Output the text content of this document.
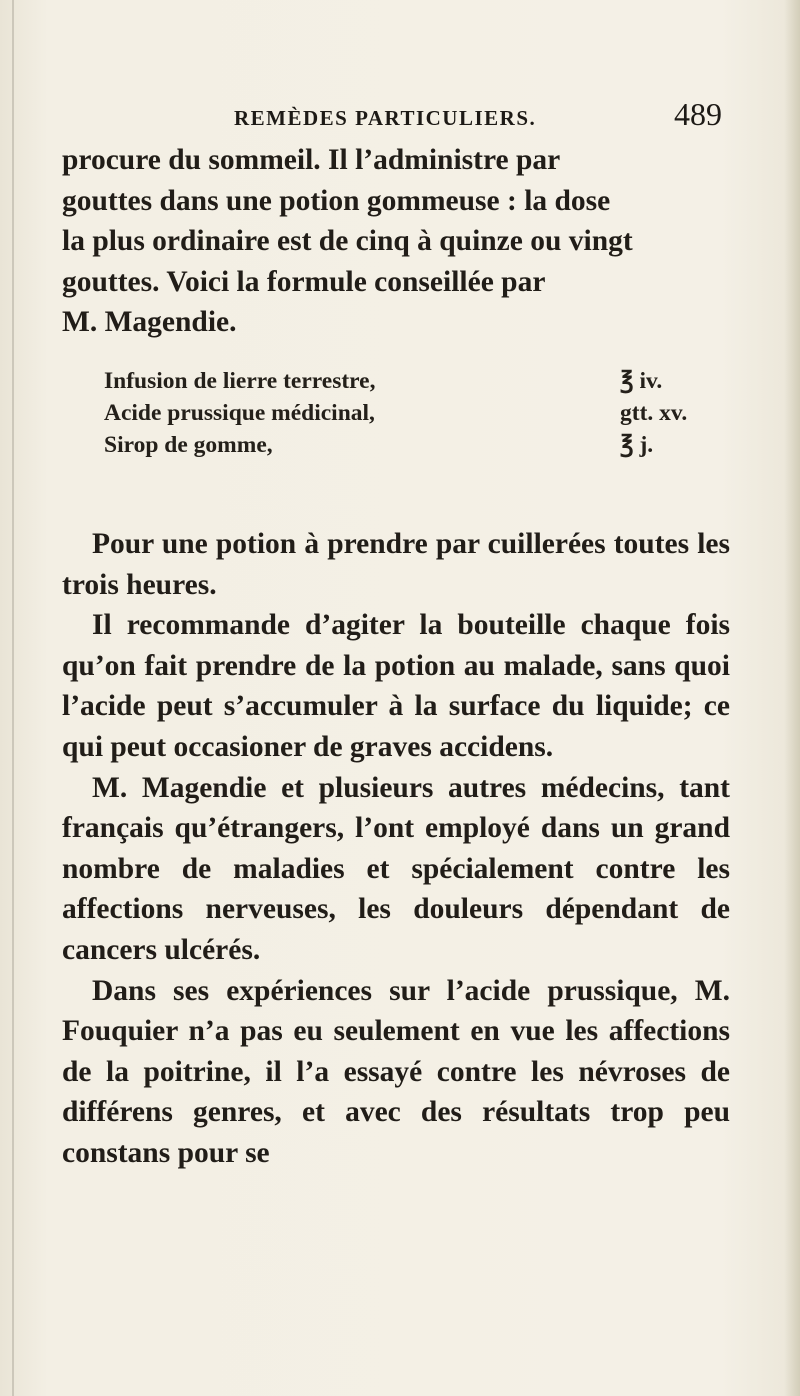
REMÈDES PARTICULIERS.	489

procure du sommeil. Il l’administre par

gouttes dans une potion gommeuse : la dose

la plus ordinaire est de cinq à quinze ou vingt

gouttes. Voici la formule conseillée par

M. Magendie.

Infusion de lierre terrestre,	℥ iv.
Acide prussique médicinal,	gtt. xv.
Sirop de gomme,	℥ j.

Pour une potion à prendre par cuillerées toutes les trois heures.

Il recommande d’agiter la bouteille chaque fois qu’on fait prendre de la potion au malade, sans quoi l’acide peut s’accumuler à la surface du liquide; ce qui peut occasioner de graves accidens.

M. Magendie et plusieurs autres médecins, tant français qu’étrangers, l’ont employé dans un grand nombre de maladies et spécialement contre les affections nerveuses, les douleurs dépendant de cancers ulcérés.

Dans ses expériences sur l’acide prussique, M. Fouquier n’a pas eu seulement en vue les affections de la poitrine, il l’a essayé contre les névroses de différens genres, et avec des résultats trop peu constans pour se
